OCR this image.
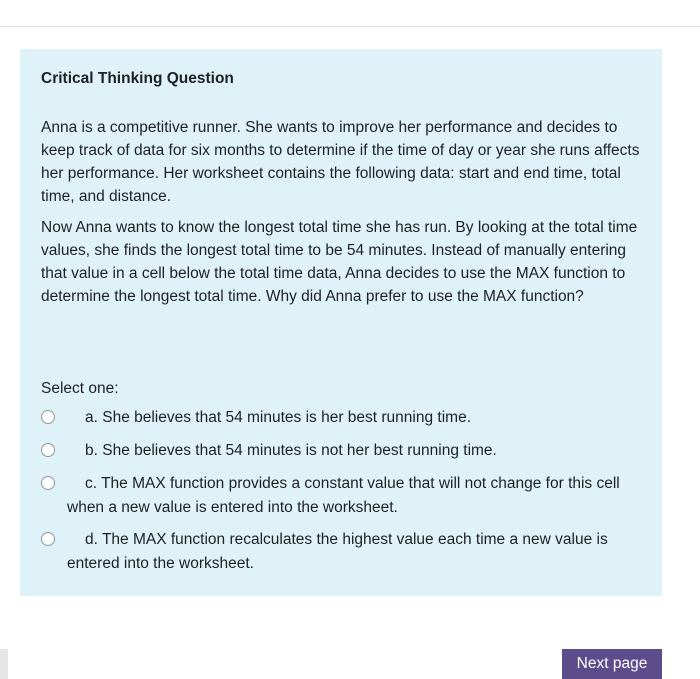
Critical Thinking Question
Anna is a competitive runner. She wants to improve her performance and decides to keep track of data for six months to determine if the time of day or year she runs affects her performance. Her worksheet contains the following data: start and end time, total time, and distance.
Now Anna wants to know the longest total time she has run. By looking at the total time values, she finds the longest total time to be 54 minutes. Instead of manually entering that value in a cell below the total time data, Anna decides to use the MAX function to determine the longest total time. Why did Anna prefer to use the MAX function?
Select one:
a. She believes that 54 minutes is her best running time.
b. She believes that 54 minutes is not her best running time.
c. The MAX function provides a constant value that will not change for this cell when a new value is entered into the worksheet.
d. The MAX function recalculates the highest value each time a new value is entered into the worksheet.
Next page
